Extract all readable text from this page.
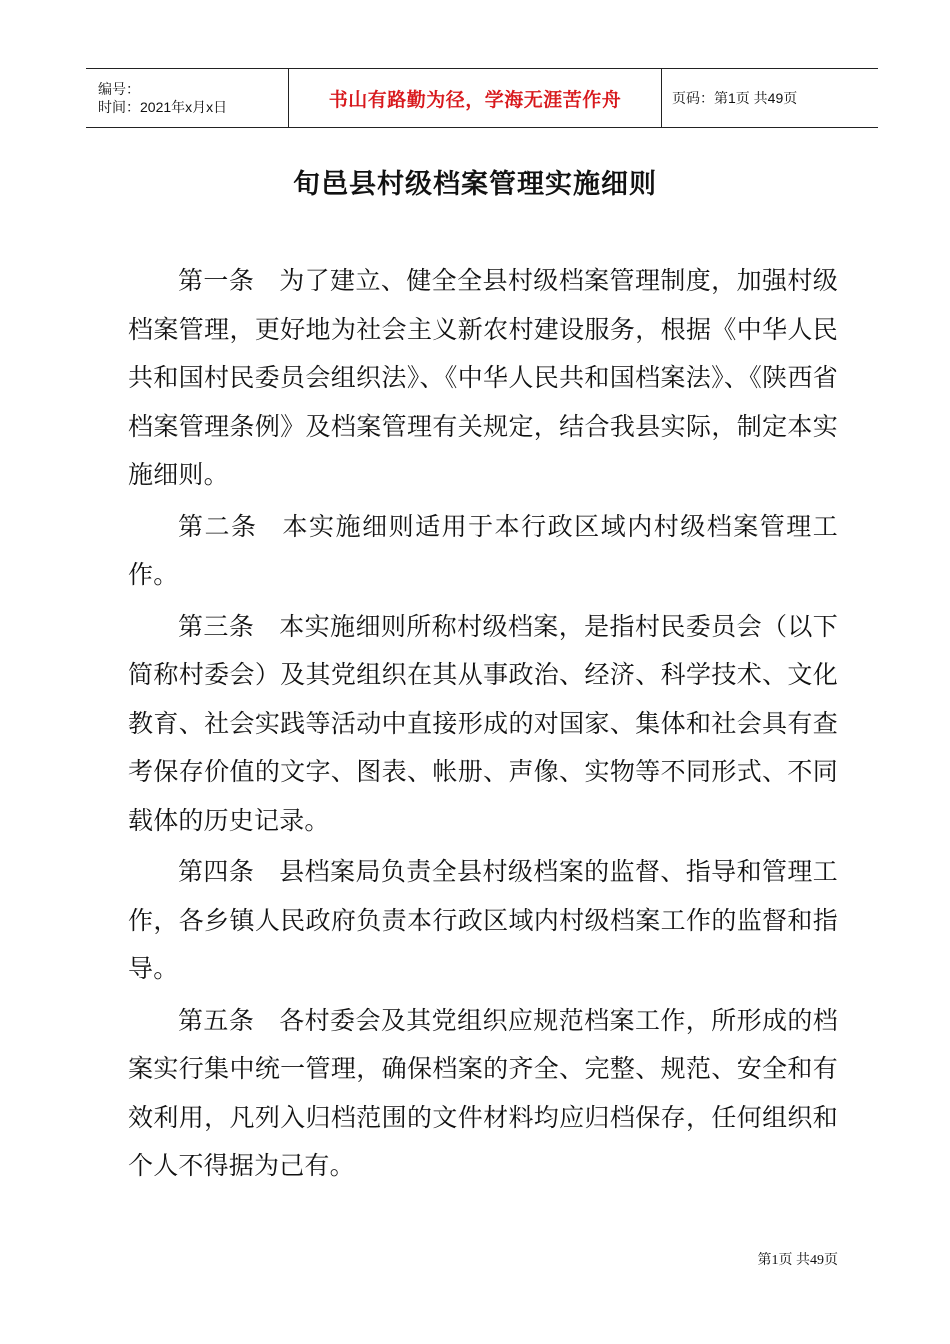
编号：
时间：2021年x月x日	书山有路勤为径，学海无涯苦作舟	页码：第1页 共49页
旬邑县村级档案管理实施细则

第一条 为了建立、健全全县村级档案管理制度，加强村级档案管理，更好地为社会主义新农村建设服务，根据《中华人民共和国村民委员会组织法》、《中华人民共和国档案法》、《陕西省档案管理条例》及档案管理有关规定，结合我县实际，制定本实施细则。

第二条 本实施细则适用于本行政区域内村级档案管理工作。

第三条 本实施细则所称村级档案，是指村民委员会（以下简称村委会）及其党组织在其从事政治、经济、科学技术、文化教育、社会实践等活动中直接形成的对国家、集体和社会具有查考保存价值的文字、图表、帐册、声像、实物等不同形式、不同载体的历史记录。

第四条 县档案局负责全县村级档案的监督、指导和管理工作，各乡镇人民政府负责本行政区域内村级档案工作的监督和指导。

第五条 各村委会及其党组织应规范档案工作，所形成的档案实行集中统一管理，确保档案的齐全、完整、规范、安全和有效利用，凡列入归档范围的文件材料均应归档保存，任何组织和个人不得据为己有。

第1页 共49页
